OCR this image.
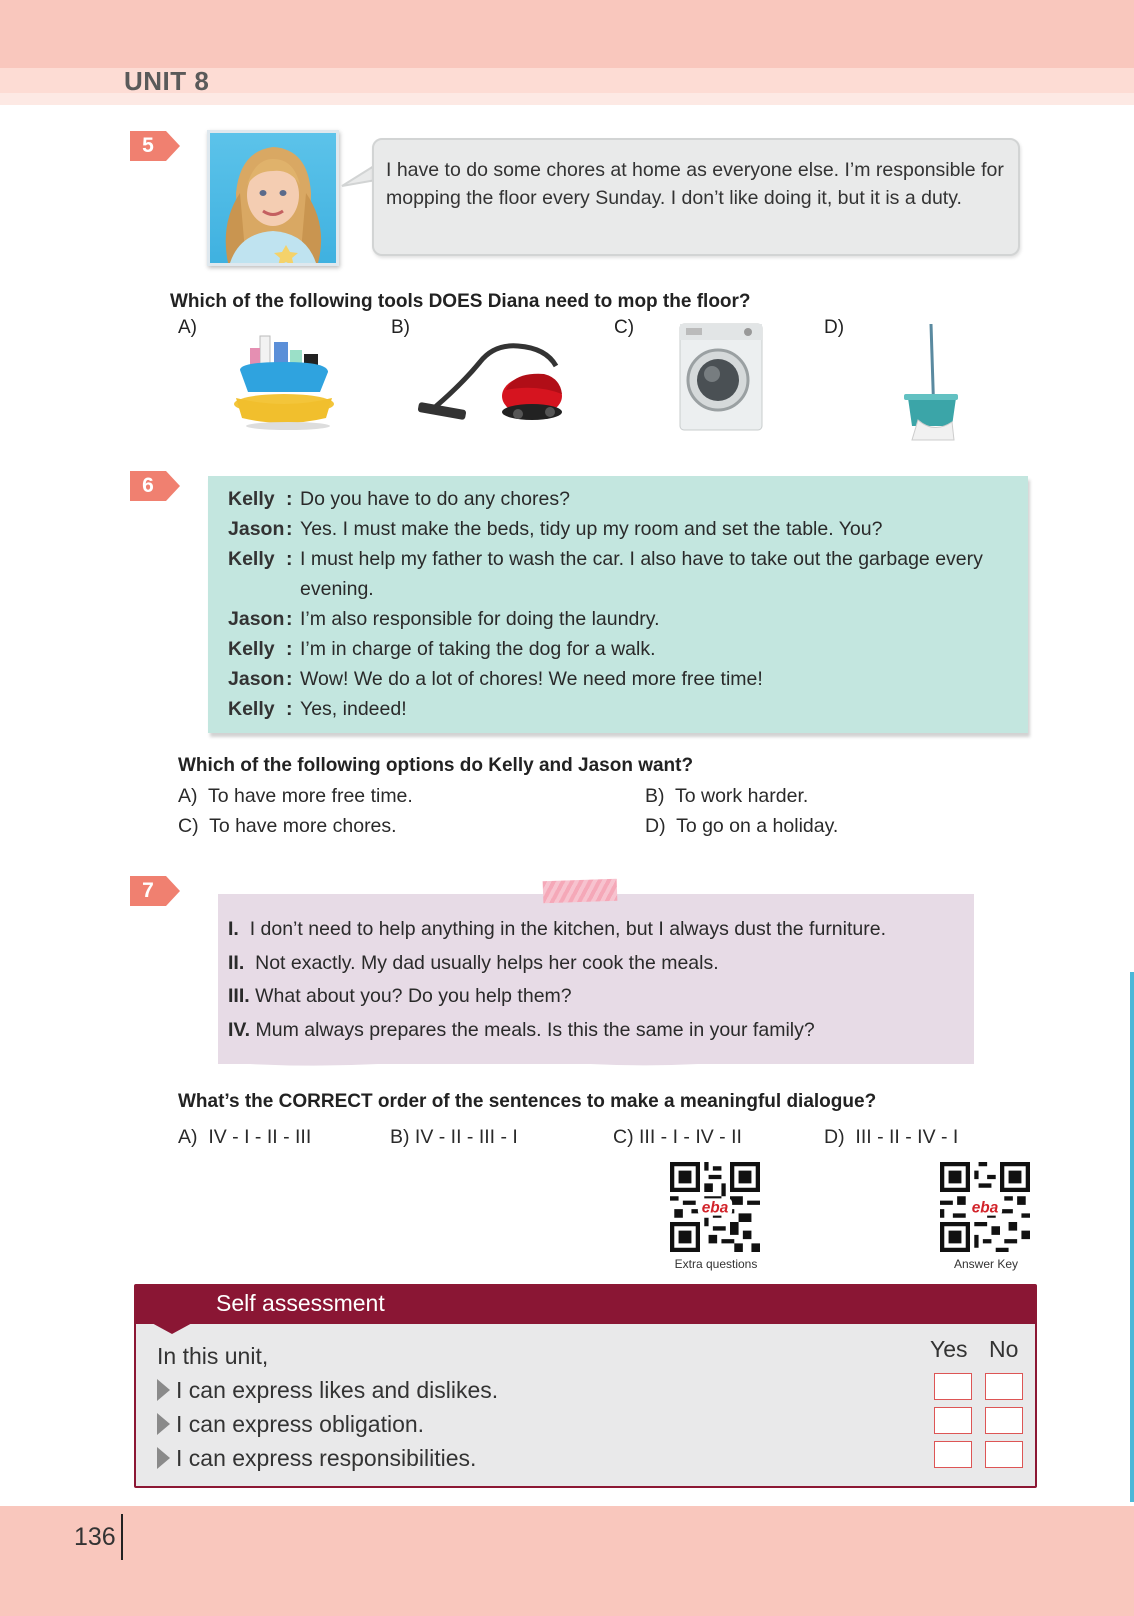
UNIT 8
5
I have to do some chores at home as everyone else. I’m responsible for mopping the floor every Sunday. I don’t like doing it, but it is a duty.
Which of the following tools DOES Diana need to mop the floor?
A)	B)	C)	D)
6
Kelly : Do you have to do any chores?
Jason : Yes. I must make the beds, tidy up my room and set the table. You?
Kelly : I must help my father to wash the car. I also have to take out the garbage every evening.
Jason : I’m also responsible for doing the laundry.
Kelly : I’m in charge of taking the dog for a walk.
Jason : Wow! We do a lot of chores! We need more free time!
Kelly : Yes, indeed!
Which of the following options do Kelly and Jason want?
A) To have more free time.	B) To work harder.
C) To have more chores.	D) To go on a holiday.
7
I. I don’t need to help anything in the kitchen, but I always dust the furniture.
II. Not exactly. My dad usually helps her cook the meals.
III. What about you? Do you help them?
IV. Mum always prepares the meals. Is this the same in your family?
What’s the CORRECT order of the sentences to make a meaningful dialogue?
A) IV - I - II - III	B) IV - II - III - I	C) III - I - IV - II	D) III - II - IV - I
eba
Extra questions
eba
Answer Key
Self assessment
In this unit,	Yes No
I can express likes and dislikes.
I can express obligation.
I can express responsibilities.
136
